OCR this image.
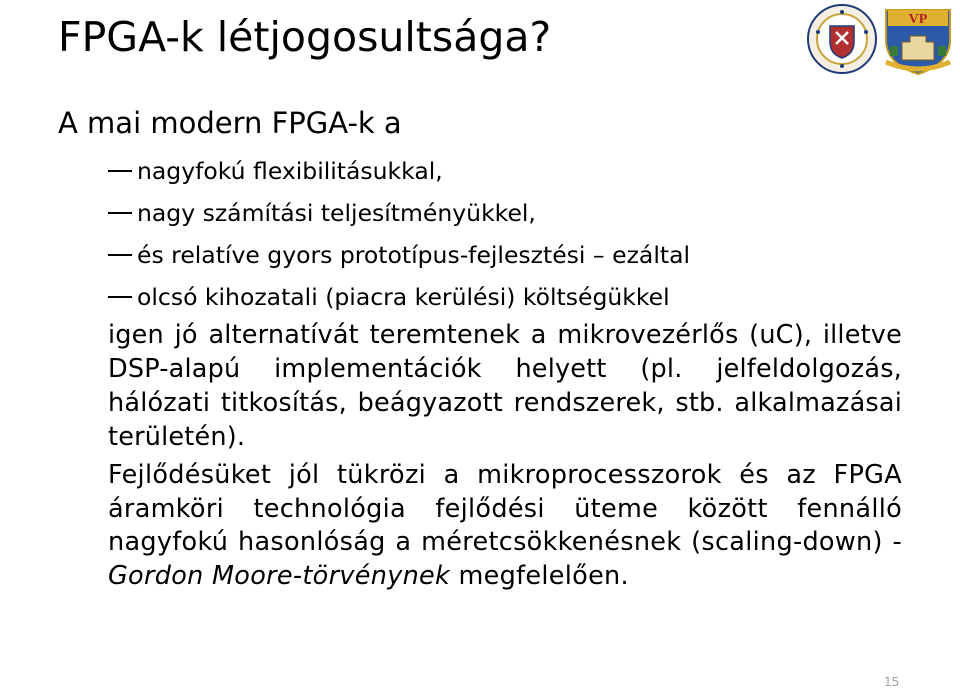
FPGA-k létjogosultsága?	VP
A mai modern FPGA-k a
nagyfokú flexibilitásukkal,
nagy számítási teljesítményükkel,
és relatíve gyors prototípus-fejlesztési – ezáltal
olcsó kihozatali (piacra kerülési) költségükkel
igen jó alternatívát teremtenek a mikrovezérlős (uC), illetve DSP-alapú implementációk helyett (pl. jelfeldolgozás, hálózati titkosítás, beágyazott rendszerek, stb. alkalmazásai területén).
Fejlődésüket jól tükrözi a mikroprocesszorok és az FPGA áramköri technológia fejlődési üteme között fennálló nagyfokú hasonlóság a méretcsökkenésnek (scaling-down) - Gordon Moore-törvénynek megfelelően.
15
